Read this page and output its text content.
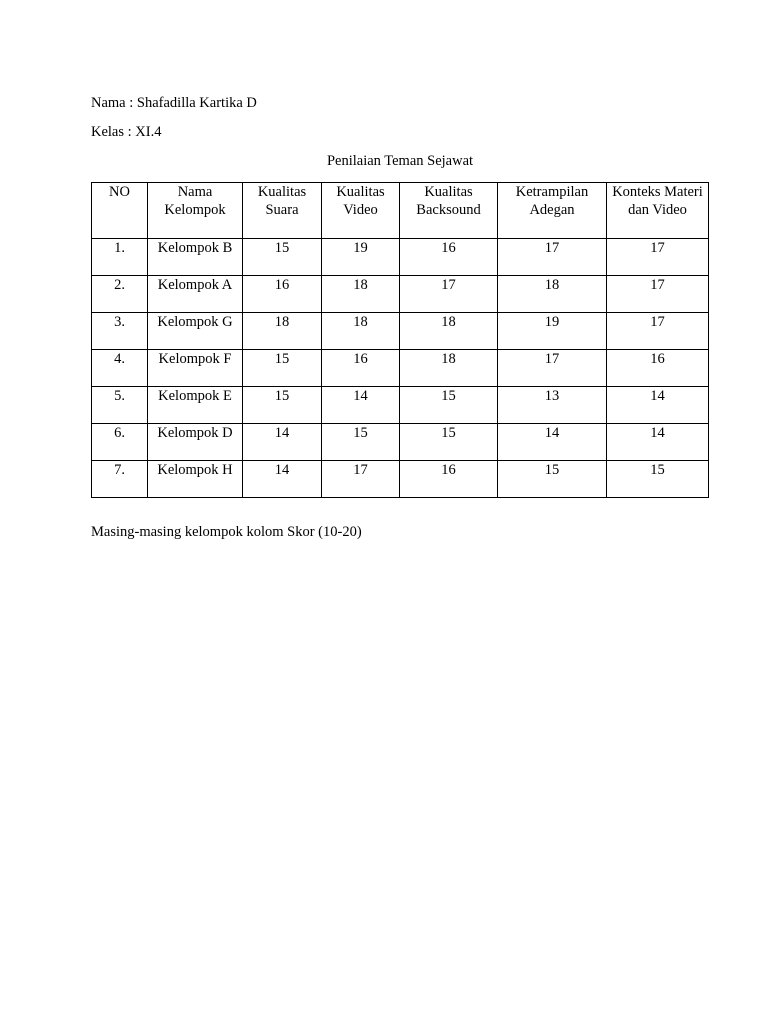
Nama : Shafadilla Kartika D
Kelas : XI.4
Penilaian Teman Sejawat
NO	Nama Kelompok	Kualitas Suara	Kualitas Video	Kualitas Backsound	Ketrampilan Adegan	Konteks Materi dan Video
1.	Kelompok B	15	19	16	17	17
2.	Kelompok A	16	18	17	18	17
3.	Kelompok G	18	18	18	19	17
4.	Kelompok F	15	16	18	17	16
5.	Kelompok E	15	14	15	13	14
6.	Kelompok D	14	15	15	14	14
7.	Kelompok H	14	17	16	15	15
Masing-masing kelompok kolom Skor (10-20)
